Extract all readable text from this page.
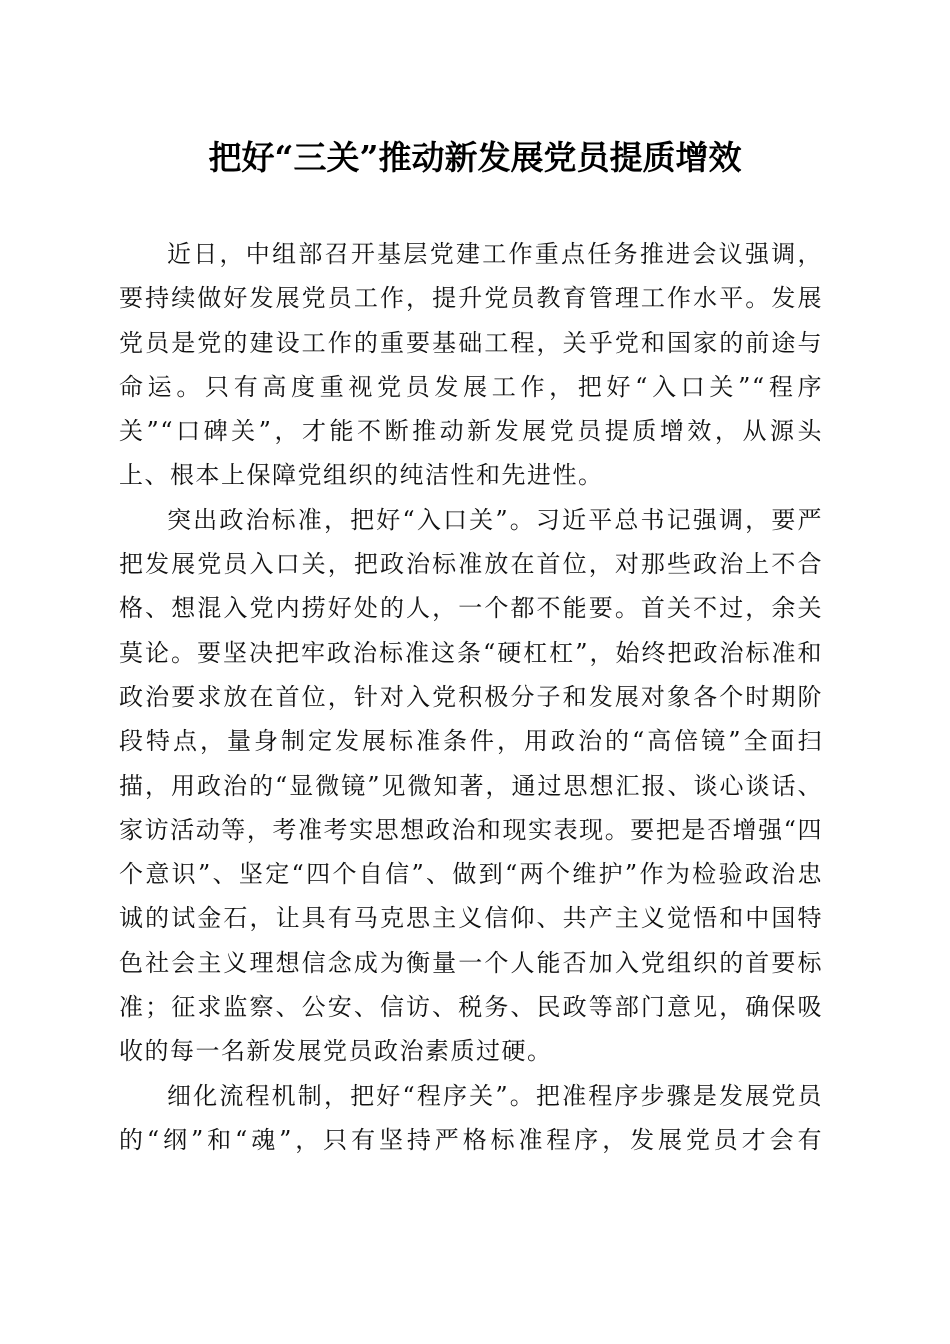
把好“三关”推动新发展党员提质增效

近日，中组部召开基层党建工作重点任务推进会议强调，要持续做好发展党员工作，提升党员教育管理工作水平。发展党员是党的建设工作的重要基础工程，关乎党和国家的前途与命运。只有高度重视党员发展工作，把好“入口关”“程序关”“口碑关”，才能不断推动新发展党员提质增效，从源头上、根本上保障党组织的纯洁性和先进性。

突出政治标准，把好“入口关”。习近平总书记强调，要严把发展党员入口关，把政治标准放在首位，对那些政治上不合格、想混入党内捞好处的人，一个都不能要。首关不过，余关莫论。要坚决把牢政治标准这条“硬杠杠”，始终把政治标准和政治要求放在首位，针对入党积极分子和发展对象各个时期阶段特点，量身制定发展标准条件，用政治的“高倍镜”全面扫描，用政治的“显微镜”见微知著，通过思想汇报、谈心谈话、家访活动等，考准考实思想政治和现实表现。要把是否增强“四个意识”、坚定“四个自信”、做到“两个维护”作为检验政治忠诚的试金石，让具有马克思主义信仰、共产主义觉悟和中国特色社会主义理想信念成为衡量一个人能否加入党组织的首要标准；征求监察、公安、信访、税务、民政等部门意见，确保吸收的每一名新发展党员政治素质过硬。

细化流程机制，把好“程序关”。把准程序步骤是发展党员的“纲”和“魂”，只有坚持严格标准程序，发展党员才会有
